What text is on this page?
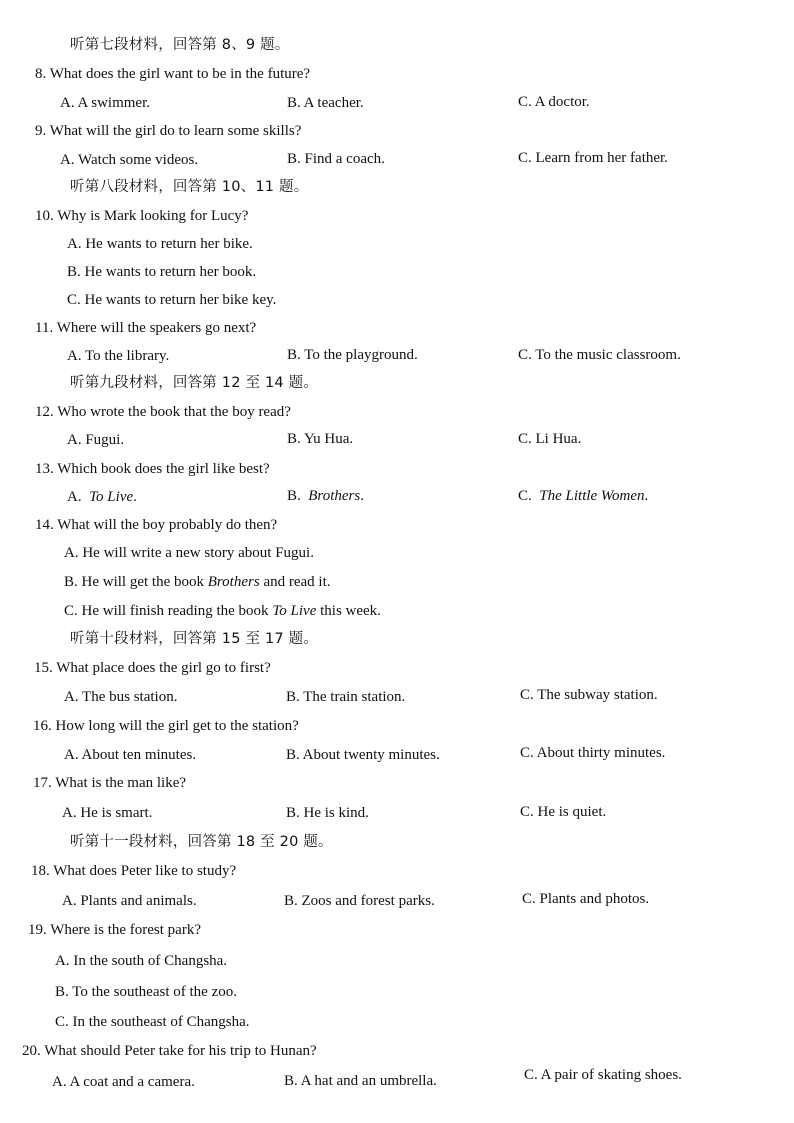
听第七段材料，回答第 8、9 题。
8. What does the girl want to be in the future?
A. A swimmer.	B. A teacher.	C. A doctor.
9. What will the girl do to learn some skills?
A. Watch some videos.	B. Find a coach.	C. Learn from her father.
听第八段材料，回答第 10、11 题。
10. Why is Mark looking for Lucy?
A. He wants to return her bike.
B. He wants to return her book.
C. He wants to return her bike key.
11. Where will the speakers go next?
A. To the library.	B. To the playground.	C. To the music classroom.
听第九段材料，回答第 12 至 14 题。
12. Who wrote the book that the boy read?
A. Fugui.	B. Yu Hua.	C. Li Hua.
13. Which book does the girl like best?
A. To Live.	B. Brothers.	C. The Little Women.
14. What will the boy probably do then?
A. He will write a new story about Fugui.
B. He will get the book Brothers and read it.
C. He will finish reading the book To Live this week.
听第十段材料，回答第 15 至 17 题。
15. What place does the girl go to first?
A. The bus station.	B. The train station.	C. The subway station.
16. How long will the girl get to the station?
A. About ten minutes.	B. About twenty minutes.	C. About thirty minutes.
17. What is the man like?
A. He is smart.	B. He is kind.	C. He is quiet.
听第十一段材料，回答第 18 至 20 题。
18. What does Peter like to study?
A. Plants and animals.	B. Zoos and forest parks.	C. Plants and photos.
19. Where is the forest park?
A. In the south of Changsha.
B. To the southeast of the zoo.
C. In the southeast of Changsha.
20. What should Peter take for his trip to Hunan?
A. A coat and a camera.	B. A hat and an umbrella.	C. A pair of skating shoes.
